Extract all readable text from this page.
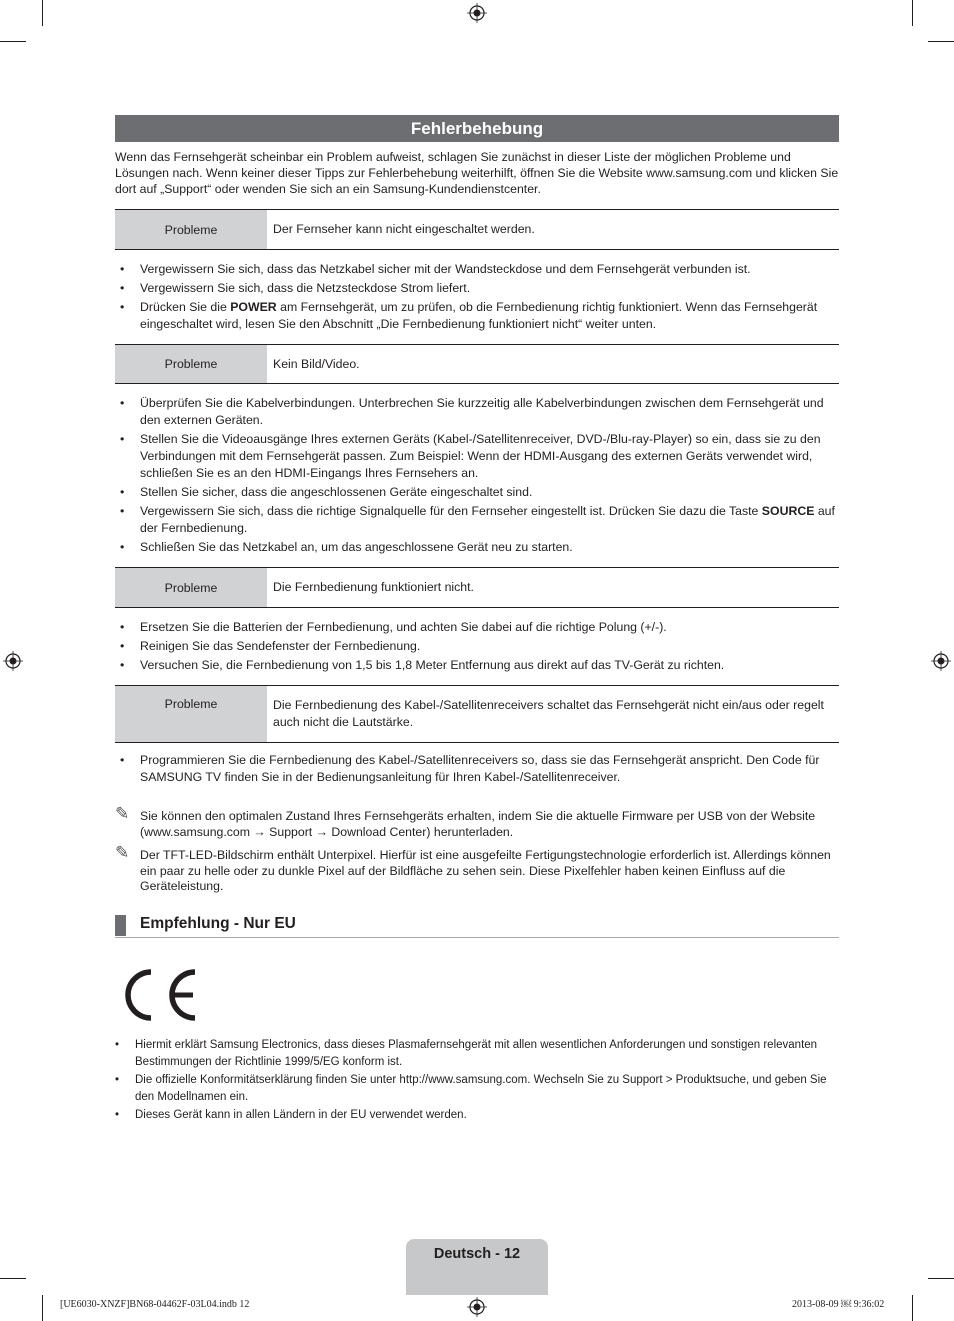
Fehlerbehebung
Wenn das Fernsehgerät scheinbar ein Problem aufweist, schlagen Sie zunächst in dieser Liste der möglichen Probleme und Lösungen nach. Wenn keiner dieser Tipps zur Fehlerbehebung weiterhilft, öffnen Sie die Website www.samsung.com und klicken Sie dort auf „Support“ oder wenden Sie sich an ein Samsung-Kundendienstcenter.
Probleme	Der Fernseher kann nicht eingeschaltet werden.
• Vergewissern Sie sich, dass das Netzkabel sicher mit der Wandsteckdose und dem Fernsehgerät verbunden ist.
• Vergewissern Sie sich, dass die Netzsteckdose Strom liefert.
• Drücken Sie die POWER am Fernsehgerät, um zu prüfen, ob die Fernbedienung richtig funktioniert. Wenn das Fernsehgerät eingeschaltet wird, lesen Sie den Abschnitt „Die Fernbedienung funktioniert nicht“ weiter unten.
Probleme	Kein Bild/Video.
• Überprüfen Sie die Kabelverbindungen. Unterbrechen Sie kurzzeitig alle Kabelverbindungen zwischen dem Fernsehgerät und den externen Geräten.
• Stellen Sie die Videoausgänge Ihres externen Geräts (Kabel-/Satellitenreceiver, DVD-/Blu-ray-Player) so ein, dass sie zu den Verbindungen mit dem Fernsehgerät passen. Zum Beispiel: Wenn der HDMI-Ausgang des externen Geräts verwendet wird, schließen Sie es an den HDMI-Eingangs Ihres Fernsehers an.
• Stellen Sie sicher, dass die angeschlossenen Geräte eingeschaltet sind.
• Vergewissern Sie sich, dass die richtige Signalquelle für den Fernseher eingestellt ist. Drücken Sie dazu die Taste SOURCE auf der Fernbedienung.
• Schließen Sie das Netzkabel an, um das angeschlossene Gerät neu zu starten.
Probleme	Die Fernbedienung funktioniert nicht.
• Ersetzen Sie die Batterien der Fernbedienung, und achten Sie dabei auf die richtige Polung (+/-).
• Reinigen Sie das Sendefenster der Fernbedienung.
• Versuchen Sie, die Fernbedienung von 1,5 bis 1,8 Meter Entfernung aus direkt auf das TV-Gerät zu richten.
Probleme	Die Fernbedienung des Kabel-/Satellitenreceivers schaltet das Fernsehgerät nicht ein/aus oder regelt auch nicht die Lautstärke.
• Programmieren Sie die Fernbedienung des Kabel-/Satellitenreceivers so, dass sie das Fernsehgerät anspricht. Den Code für SAMSUNG TV finden Sie in der Bedienungsanleitung für Ihren Kabel-/Satellitenreceiver.
✎ Sie können den optimalen Zustand Ihres Fernsehgeräts erhalten, indem Sie die aktuelle Firmware per USB von der Website (www.samsung.com → Support → Download Center) herunterladen.
✎ Der TFT-LED-Bildschirm enthält Unterpixel. Hierfür ist eine ausgefeilte Fertigungstechnologie erforderlich ist. Allerdings können ein paar zu helle oder zu dunkle Pixel auf der Bildfläche zu sehen sein. Diese Pixelfehler haben keinen Einfluss auf die Geräteleistung.
Empfehlung - Nur EU
• Hiermit erklärt Samsung Electronics, dass dieses Plasmafernsehgerät mit allen wesentlichen Anforderungen und sonstigen relevanten Bestimmungen der Richtlinie 1999/5/EG konform ist.
• Die offizielle Konformitätserklärung finden Sie unter http://www.samsung.com. Wechseln Sie zu Support > Produktsuche, und geben Sie den Modellnamen ein.
• Dieses Gerät kann in allen Ländern in der EU verwendet werden.
Deutsch - 12
[UE6030-XNZF]BN68-04462F-03L04.indb 12	2013-08-09 ￼ 9:36:02
